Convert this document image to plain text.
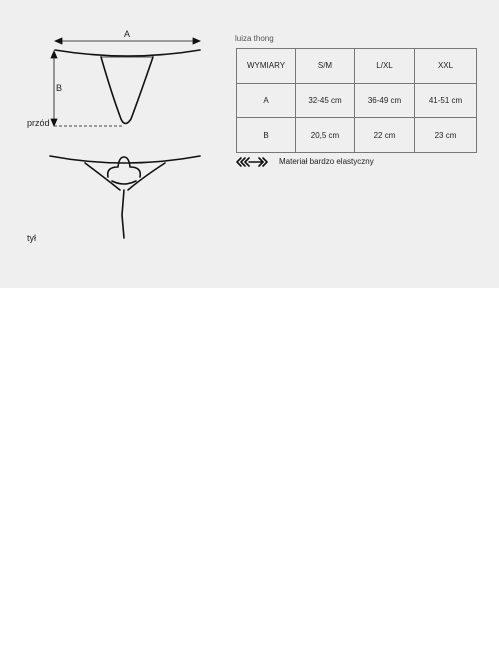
A
B
przód
tył
luiza thong
WYMIARY	S/M	L/XL	XXL
A	32-45 cm	36-49 cm	41-51 cm
B	20,5 cm	22 cm	23 cm
Materiał bardzo elastyczny
